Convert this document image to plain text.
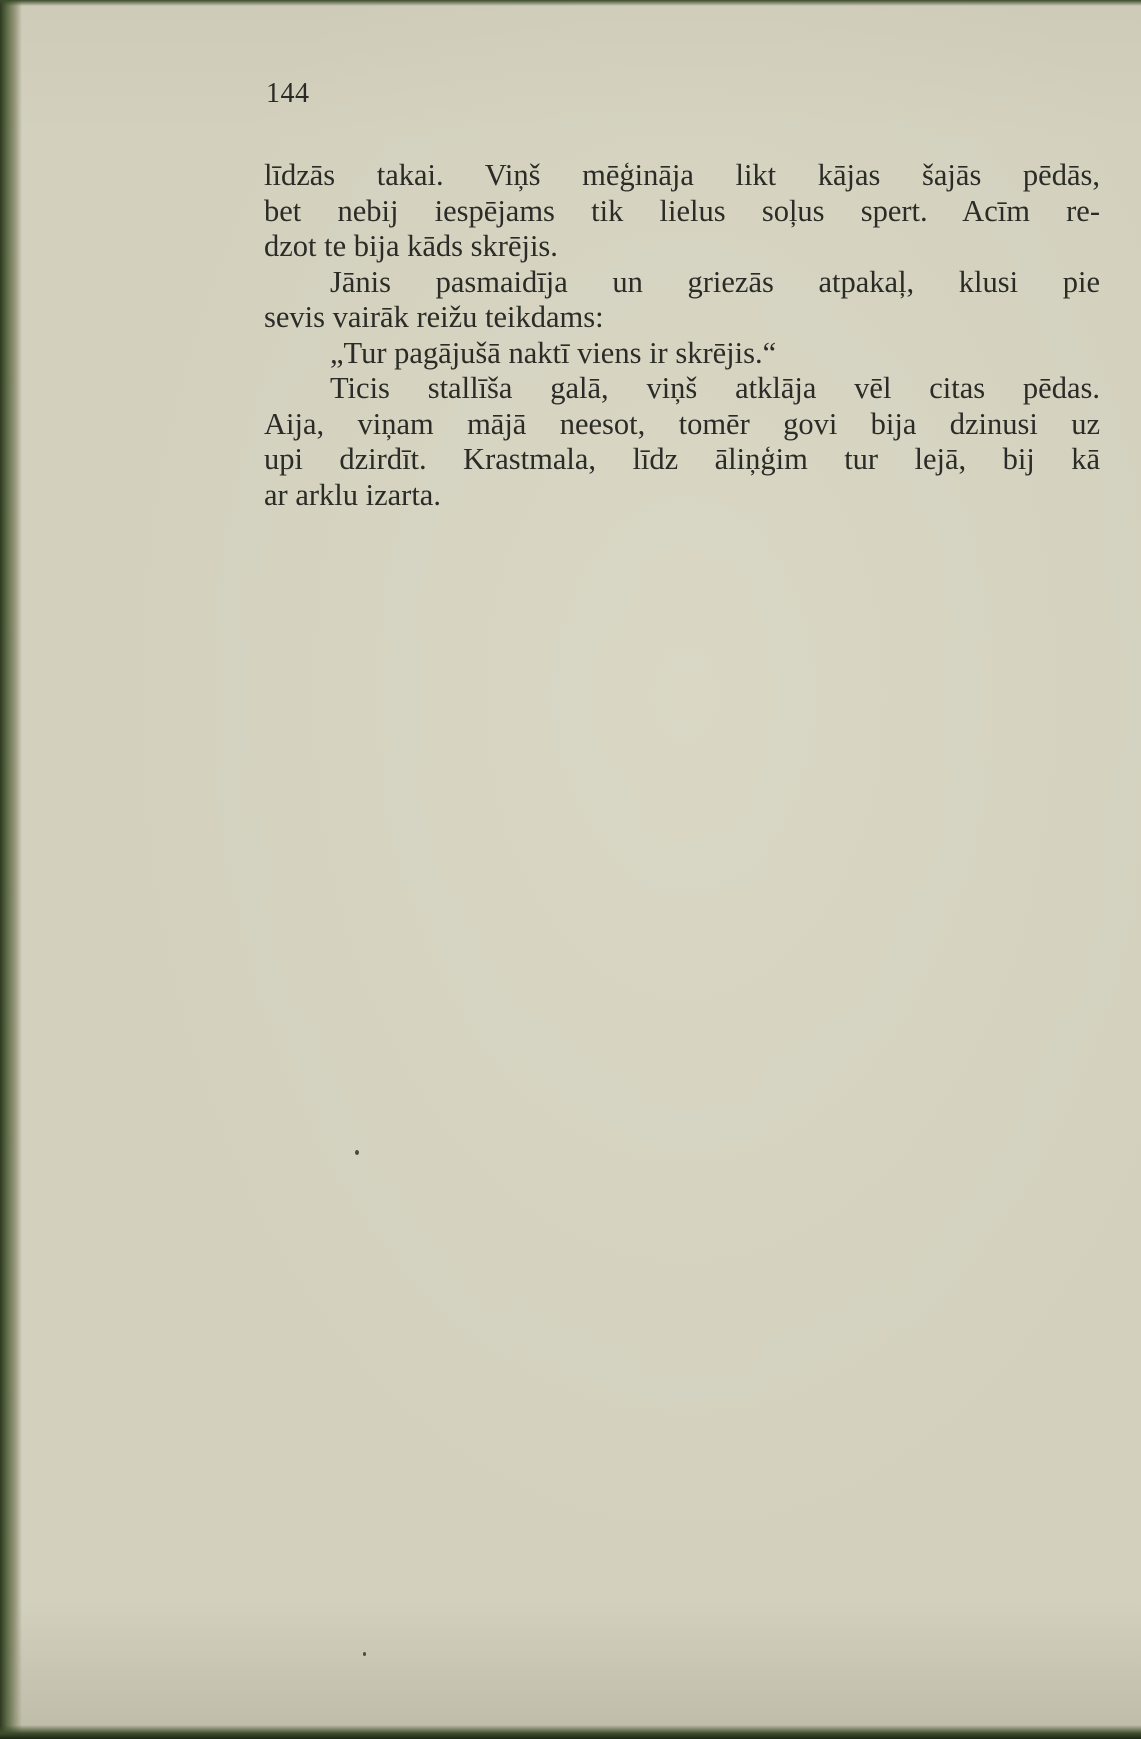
144
līdzās takai. Viņš mēģināja likt kājas šajās pēdās,
bet nebij iespējams tik lielus soļus spert. Acīm re-
dzot te bija kāds skrējis.
Jānis pasmaidīja un griezās atpakaļ, klusi pie
sevis vairāk reižu teikdams:
„Tur pagājušā naktī viens ir skrējis.“
Ticis stallīša galā, viņš atklāja vēl citas pēdas.
Aija, viņam mājā neesot, tomēr govi bija dzinusi uz
upi dzirdīt. Krastmala, līdz āliņģim tur lejā, bij kā
ar arklu izarta.
